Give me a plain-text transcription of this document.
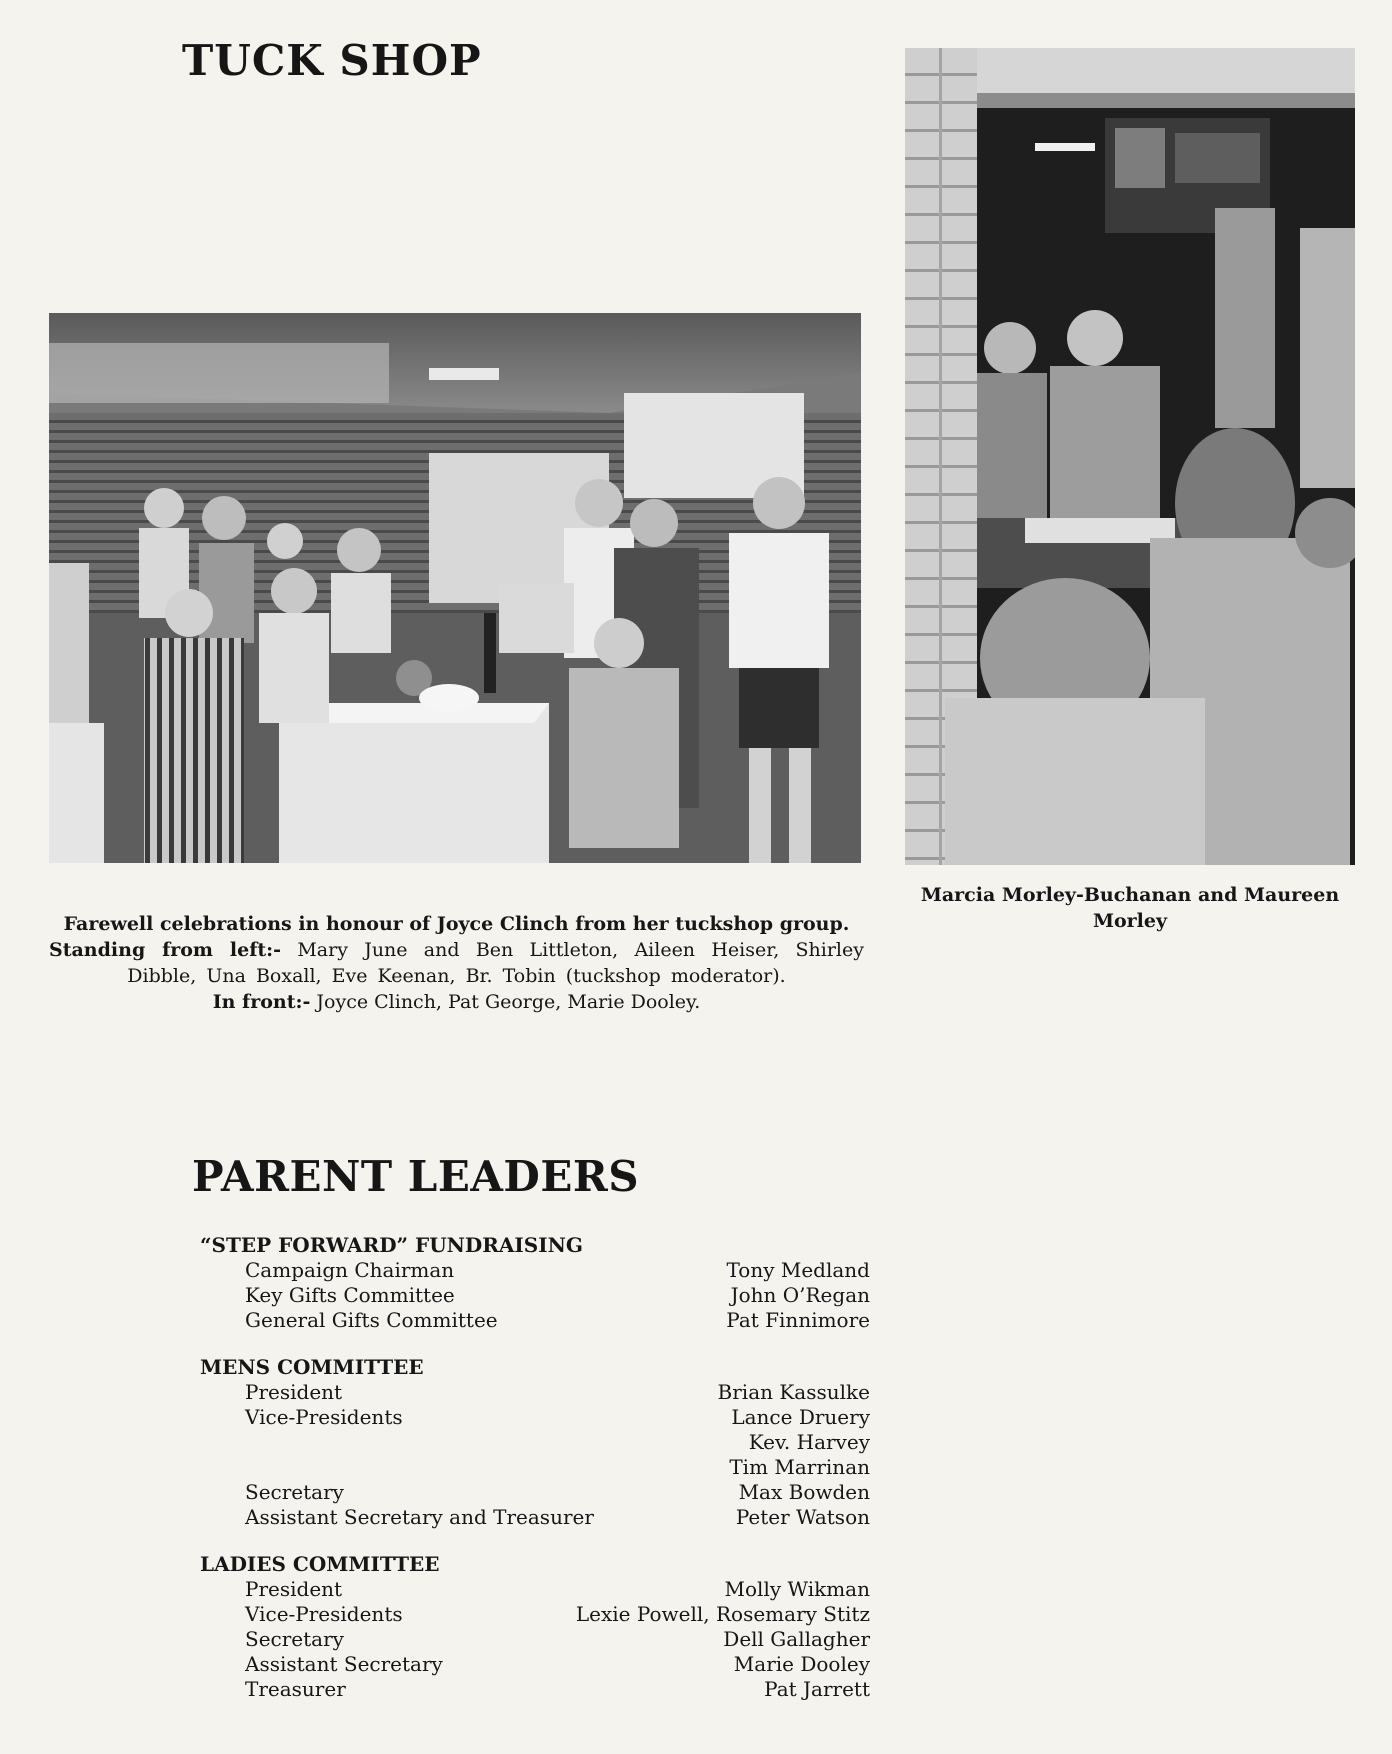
TUCK SHOP
Marcia Morley-Buchanan and Maureen Morley
Farewell celebrations in honour of Joyce Clinch from her tuckshop group.
Standing from left:- Mary June and Ben Littleton, Aileen Heiser, Shirley Dibble, Una Boxall, Eve Keenan, Br. Tobin (tuckshop moderator).
In front:- Joyce Clinch, Pat George, Marie Dooley.
PARENT LEADERS
“STEP FORWARD” FUNDRAISING
Campaign Chairman	Tony Medland
Key Gifts Committee	John O’Regan
General Gifts Committee	Pat Finnimore
MENS COMMITTEE
President	Brian Kassulke
Vice-Presidents	Lance Druery
Kev. Harvey
Tim Marrinan
Secretary	Max Bowden
Assistant Secretary and Treasurer	Peter Watson
LADIES COMMITTEE
President	Molly Wikman
Vice-Presidents	Lexie Powell, Rosemary Stitz
Secretary	Dell Gallagher
Assistant Secretary	Marie Dooley
Treasurer	Pat Jarrett
